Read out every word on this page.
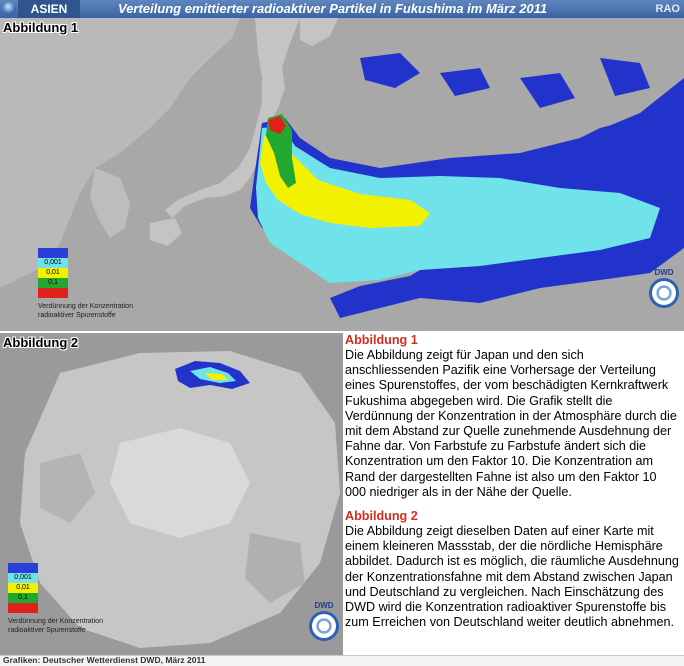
ASIEN	Verteilung emittierter radioaktiver Partikel in Fukushima im März 2011	RAO
Abbildung 1
0,001
0,01
0,1
Verdünnung der Konzentration
radioaktiver Spurenstoffe
DWD
Abbildung 2
0,001
0,01
0,1
Verdünnung der Konzentration
radioaktiver Spurenstoffe
DWD
Abbildung 1

Die Abbildung zeigt für Japan und den sich anschliessenden Pazifik eine Vorhersage der Verteilung eines Spurenstoffes, der vom beschädigten Kernkraftwerk Fukushima abgegeben wird. Die Grafik stellt die Verdünnung der Konzentration in der Atmosphäre durch die mit dem Abstand zur Quelle zunehmende Ausdehnung der Fahne dar. Von Farbstufe zu Farbstufe ändert sich die Konzentration um den Faktor 10. Die Konzentration am Rand der dargestellten Fahne ist also um den Faktor 10 000 niedriger als in der Nähe der Quelle.

Abbildung 2

Die Abbildung zeigt dieselben Daten auf einer Karte mit einem kleineren Massstab, der die nördliche Hemisphäre abbildet. Dadurch ist es möglich, die räumliche Ausdehnung der Konzentrationsfahne mit dem Abstand zwischen Japan und Deutschland zu vergleichen. Nach Einschätzung des DWD wird die Konzentration radioaktiver Spurenstoffe bis zum Erreichen von Deutschland weiter deutlich abnehmen.

Grafiken: Deutscher Wetterdienst DWD, März 2011
